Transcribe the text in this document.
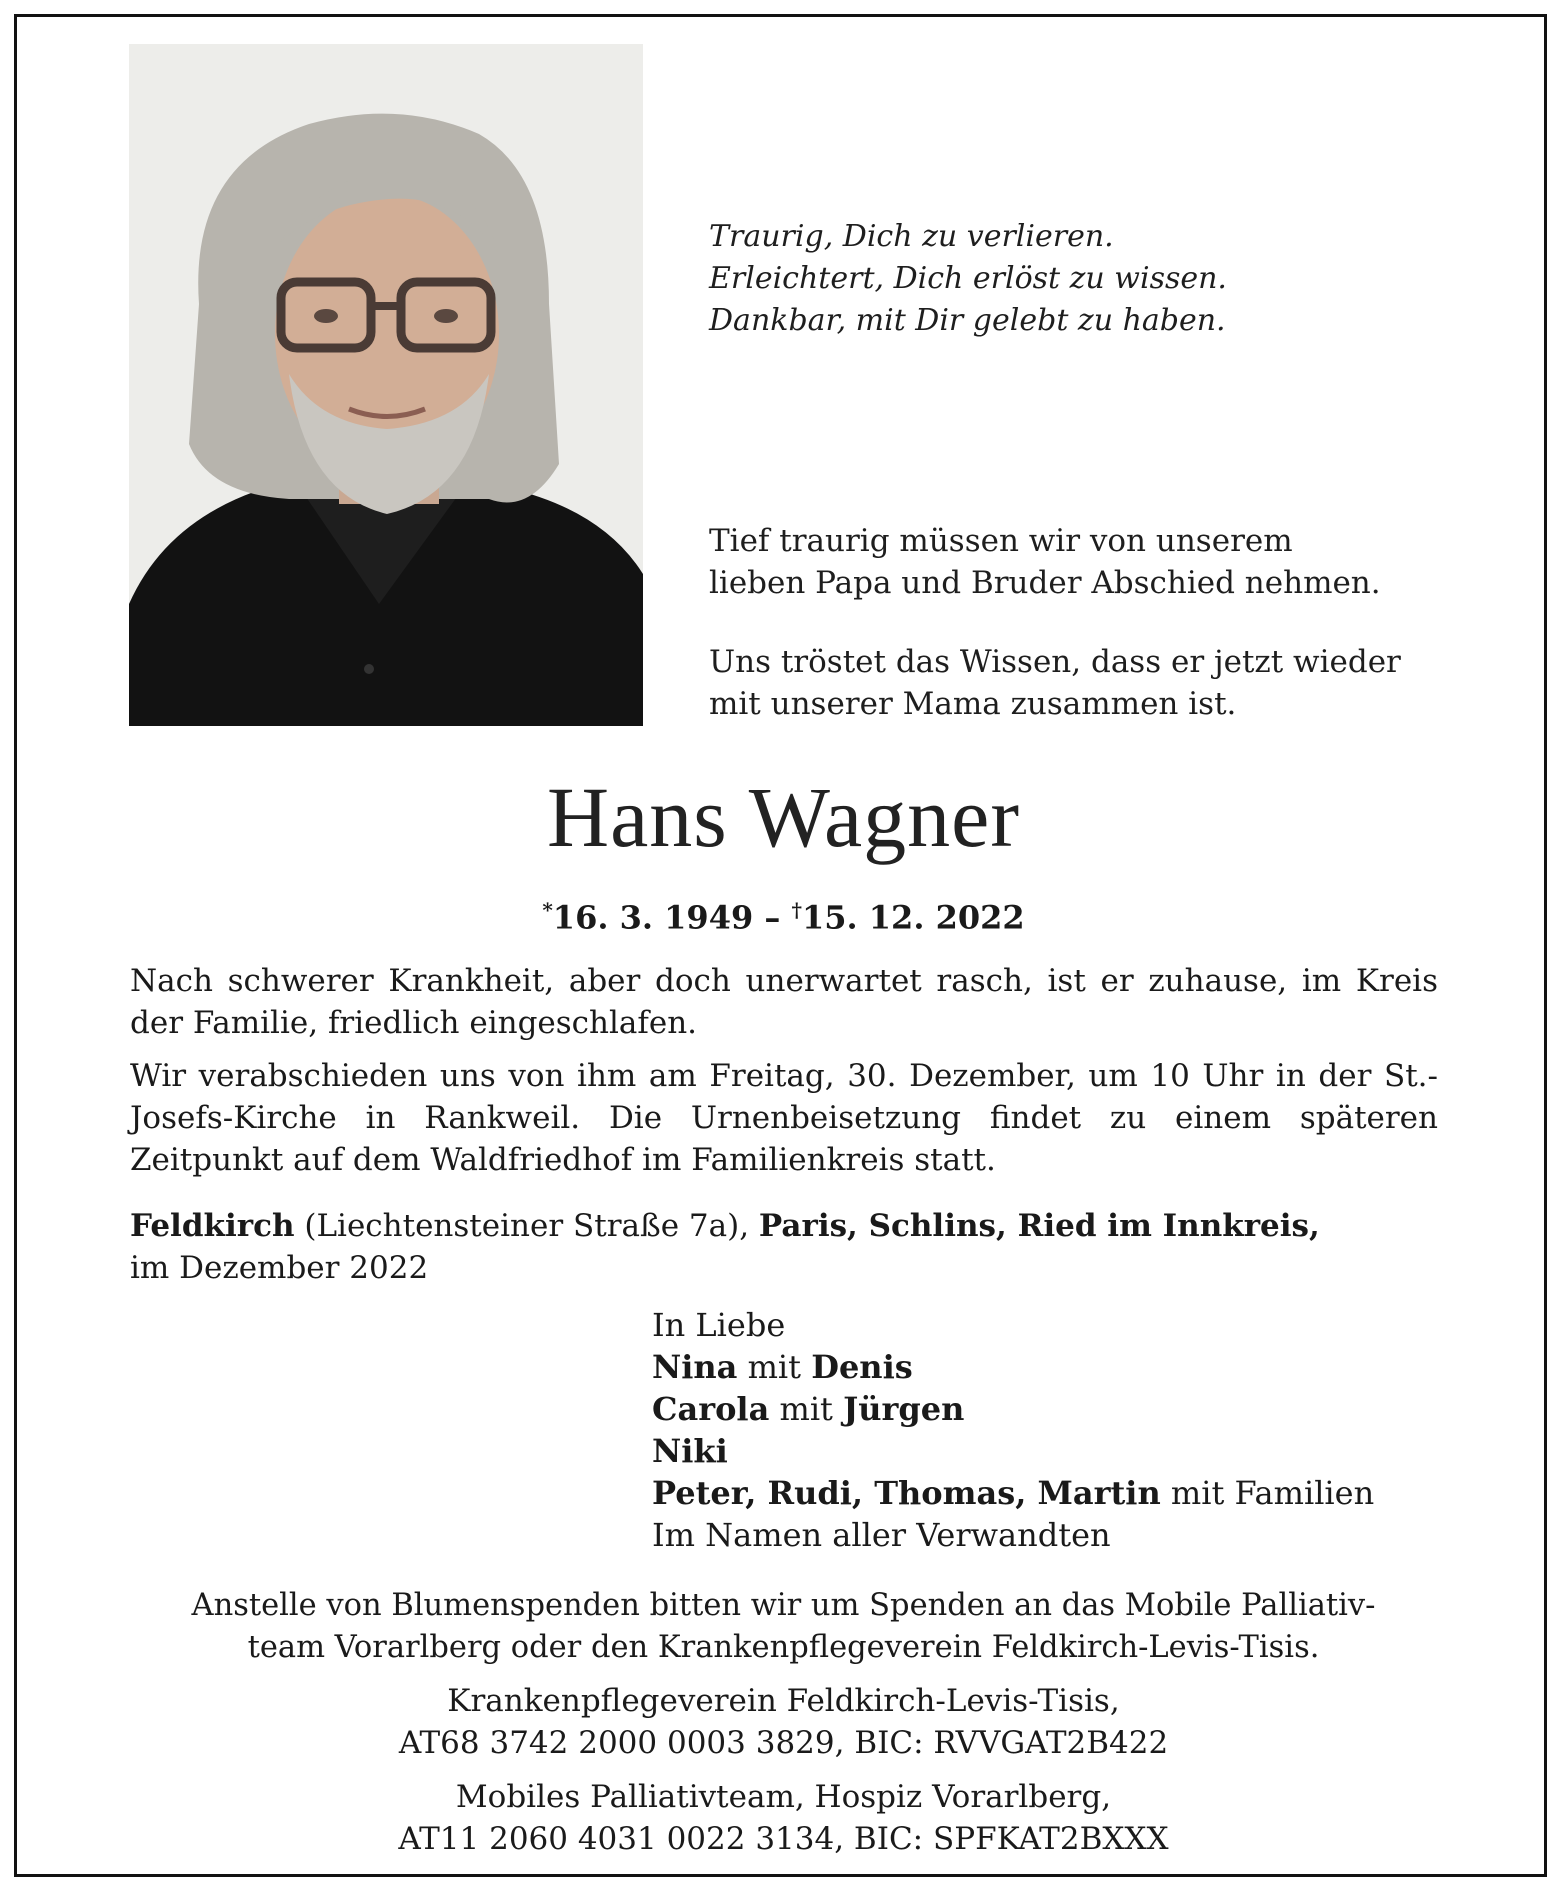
Traurig, Dich zu verlieren.
Erleichtert, Dich erlöst zu wissen.
Dankbar, mit Dir gelebt zu haben.
Tief traurig müssen wir von unserem
lieben Papa und Bruder Abschied nehmen.
Uns tröstet das Wissen, dass er jetzt wieder
mit unserer Mama zusammen ist.
Hans Wagner
*16. 3. 1949 – †15. 12. 2022

Nach schwerer Krankheit, aber doch unerwartet rasch, ist er zuhause, im Kreis der Familie, friedlich eingeschlafen.

Wir verabschieden uns von ihm am Freitag, 30. Dezember, um 10 Uhr in der St.-Josefs-Kirche in Rankweil. Die Urnenbeisetzung findet zu einem späteren Zeitpunkt auf dem Waldfriedhof im Familienkreis statt.

Feldkirch (Liechtensteiner Straße 7a), Paris, Schlins, Ried im Innkreis,
im Dezember 2022
In Liebe
Nina mit Denis
Carola mit Jürgen
Niki
Peter, Rudi, Thomas, Martin mit Familien
Im Namen aller Verwandten
Anstelle von Blumenspenden bitten wir um Spenden an das Mobile Palliativ-
team Vorarlberg oder den Krankenpflegeverein Feldkirch-Levis-Tisis.
Krankenpflegeverein Feldkirch-Levis-Tisis,
AT68 3742 2000 0003 3829, BIC: RVVGAT2B422
Mobiles Palliativteam, Hospiz Vorarlberg,
AT11 2060 4031 0022 3134, BIC: SPFKAT2BXXX
